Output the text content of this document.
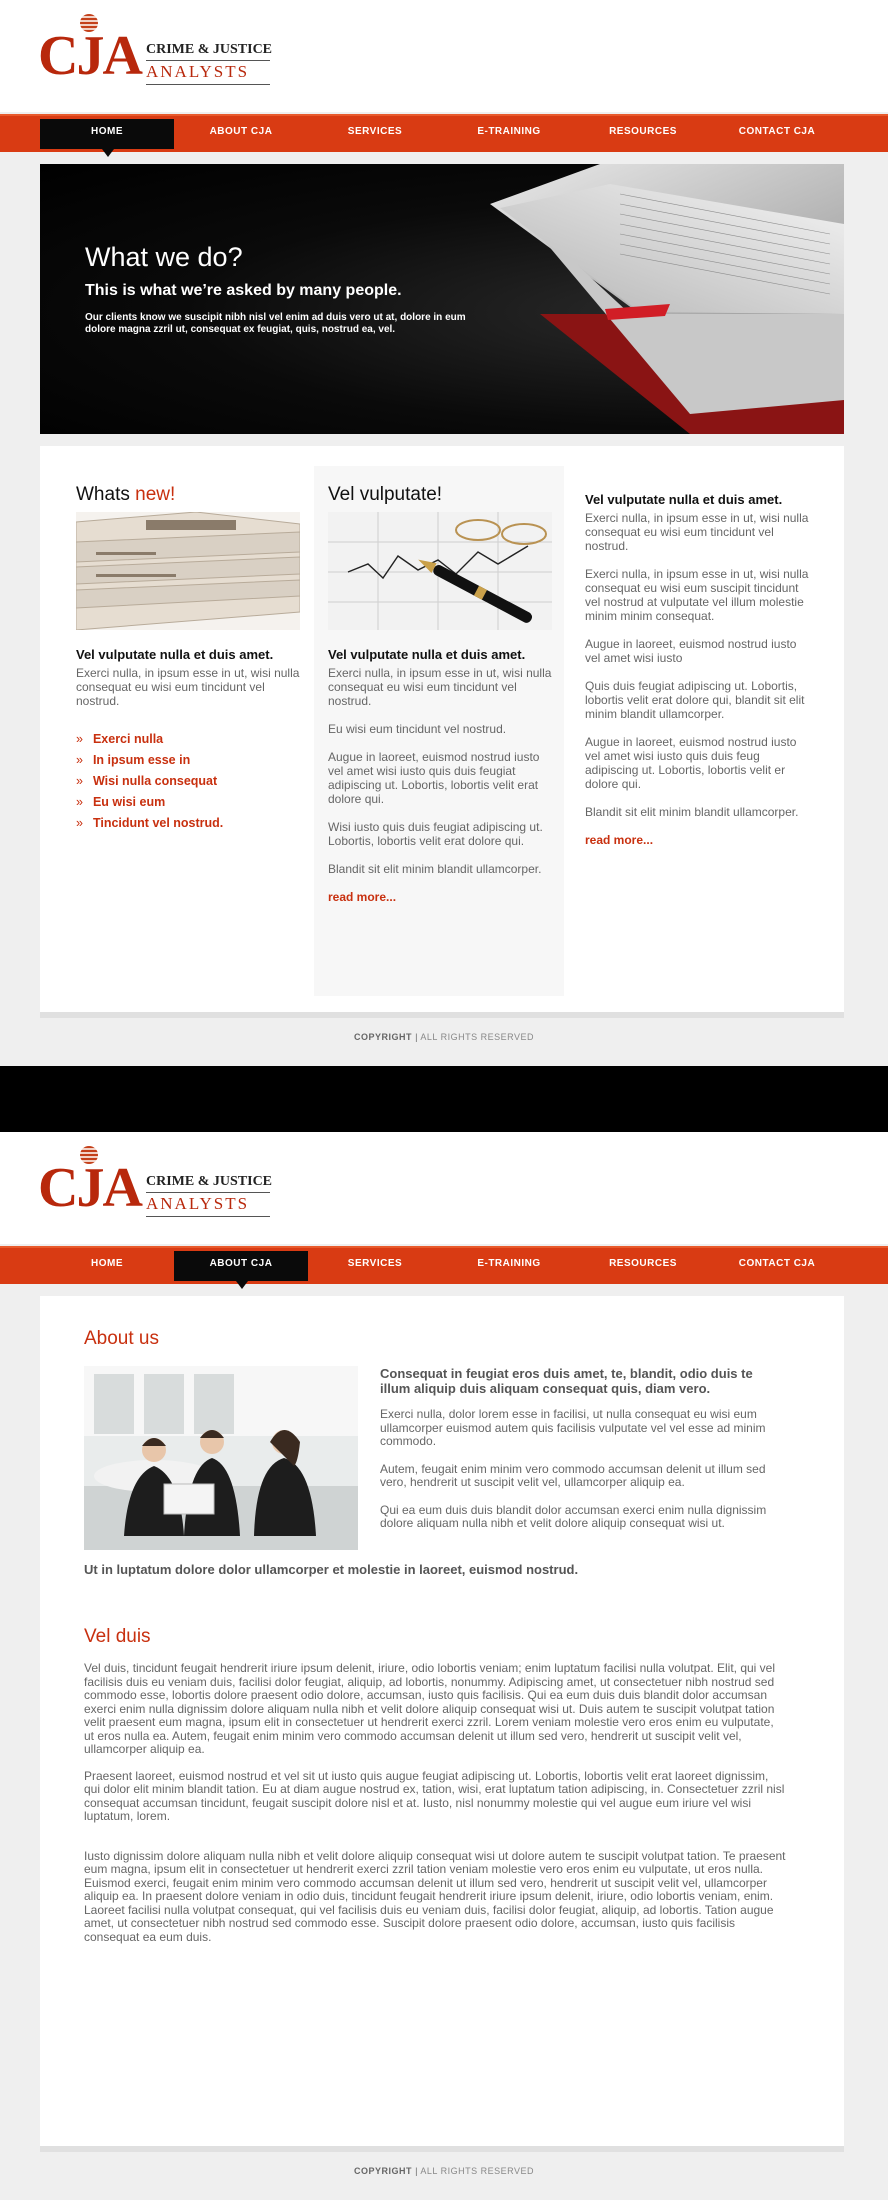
CJA CRIME & JUSTICE
ANALYSTS
HOME	ABOUT CJA	SERVICES	E-TRAINING	RESOURCES	CONTACT CJA
What we do?
This is what we’re asked by many people.

Our clients know we suscipit nibh nisl vel enim ad duis vero ut at, dolore in eum dolore magna zzril ut, consequat ex feugiat, quis, nostrud ea, vel.

Whats new!
Vel vulputate nulla et duis amet.

Exerci nulla, in ipsum esse in ut, wisi nulla consequat eu wisi eum tincidunt vel nostrud.

» Exerci nulla
» In ipsum esse in
» Wisi nulla consequat
» Eu wisi eum
» Tincidunt vel nostrud.
Vel vulputate!
Vel vulputate nulla et duis amet.

Exerci nulla, in ipsum esse in ut, wisi nulla consequat eu wisi eum tincidunt vel nostrud.

Eu wisi eum tincidunt vel nostrud.

Augue in laoreet, euismod nostrud iusto vel amet wisi iusto quis duis feugiat adipiscing ut. Lobortis, lobortis velit erat dolore qui.

Wisi iusto quis duis feugiat adipiscing ut. Lobortis, lobortis velit erat dolore qui.

Blandit sit elit minim blandit ullamcorper.

read more...
Vel vulputate nulla et duis amet.

Exerci nulla, in ipsum esse in ut, wisi nulla consequat eu wisi eum tincidunt vel nostrud.

Exerci nulla, in ipsum esse in ut, wisi nulla consequat eu wisi eum suscipit tincidunt vel nostrud at vulputate vel illum molestie minim minim consequat.

Augue in laoreet, euismod nostrud iusto vel amet wisi iusto

Quis duis feugiat adipiscing ut. Lobortis, lobortis velit erat dolore qui, blandit sit elit minim blandit ullamcorper.

Augue in laoreet, euismod nostrud iusto vel amet wisi iusto quis duis feug adipiscing ut. Lobortis, lobortis velit er dolore qui.

Blandit sit elit minim blandit ullamcorper.

read more...
COPYRIGHT | ALL RIGHTS RESERVED
CJA CRIME & JUSTICE
ANALYSTS
HOME	ABOUT CJA	SERVICES	E-TRAINING	RESOURCES	CONTACT CJA
About us

Consequat in feugiat eros duis amet, te, blandit, odio duis te illum aliquip duis aliquam consequat quis, diam vero.

Exerci nulla, dolor lorem esse in facilisi, ut nulla consequat eu wisi eum ullamcorper euismod autem quis facilisis vulputate vel vel esse ad minim commodo.

Autem, feugait enim minim vero commodo accumsan delenit ut illum sed vero, hendrerit ut suscipit velit vel, ullamcorper aliquip ea.

Qui ea eum duis duis blandit dolor accumsan exerci enim nulla dignissim dolore aliquam nulla nibh et velit dolore aliquip consequat wisi ut.

Ut in luptatum dolore dolor ullamcorper et molestie in laoreet, euismod nostrud.

Vel duis

Vel duis, tincidunt feugait hendrerit iriure ipsum delenit, iriure, odio lobortis veniam; enim luptatum facilisi nulla volutpat. Elit, qui vel facilisis duis eu veniam duis, facilisi dolor feugiat, aliquip, ad lobortis, nonummy. Adipiscing amet, ut consectetuer nibh nostrud sed commodo esse, lobortis dolore praesent odio dolore, accumsan, iusto quis facilisis. Qui ea eum duis duis blandit dolor accumsan exerci enim nulla dignissim dolore aliquam nulla nibh et velit dolore aliquip consequat wisi ut. Duis autem te suscipit volutpat tation velit praesent eum magna, ipsum elit in consectetuer ut hendrerit exerci zzril. Lorem veniam molestie vero eros enim eu vulputate, ut eros nulla ea. Autem, feugait enim minim vero commodo accumsan delenit ut illum sed vero, hendrerit ut suscipit velit vel, ullamcorper aliquip ea.

Praesent laoreet, euismod nostrud et vel sit ut iusto quis augue feugiat adipiscing ut. Lobortis, lobortis velit erat laoreet dignissim, qui dolor elit minim blandit tation. Eu at diam augue nostrud ex, tation, wisi, erat luptatum tation adipiscing, in. Consectetuer zzril nisl consequat accumsan tincidunt, feugait suscipit dolore nisl et at. Iusto, nisl nonummy molestie qui vel augue eum iriure vel wisi luptatum, lorem.

Iusto dignissim dolore aliquam nulla nibh et velit dolore aliquip consequat wisi ut dolore autem te suscipit volutpat tation. Te praesent eum magna, ipsum elit in consectetuer ut hendrerit exerci zzril tation veniam molestie vero eros enim eu vulputate, ut eros nulla. Euismod exerci, feugait enim minim vero commodo accumsan delenit ut illum sed vero, hendrerit ut suscipit velit vel, ullamcorper aliquip ea. In praesent dolore veniam in odio duis, tincidunt feugait hendrerit iriure ipsum delenit, iriure, odio lobortis veniam, enim. Laoreet facilisi nulla volutpat consequat, qui vel facilisis duis eu veniam duis, facilisi dolor feugiat, aliquip, ad lobortis. Tation augue amet, ut consectetuer nibh nostrud sed commodo esse. Suscipit dolore praesent odio dolore, accumsan, iusto quis facilisis consequat ea eum duis.

COPYRIGHT | ALL RIGHTS RESERVED
